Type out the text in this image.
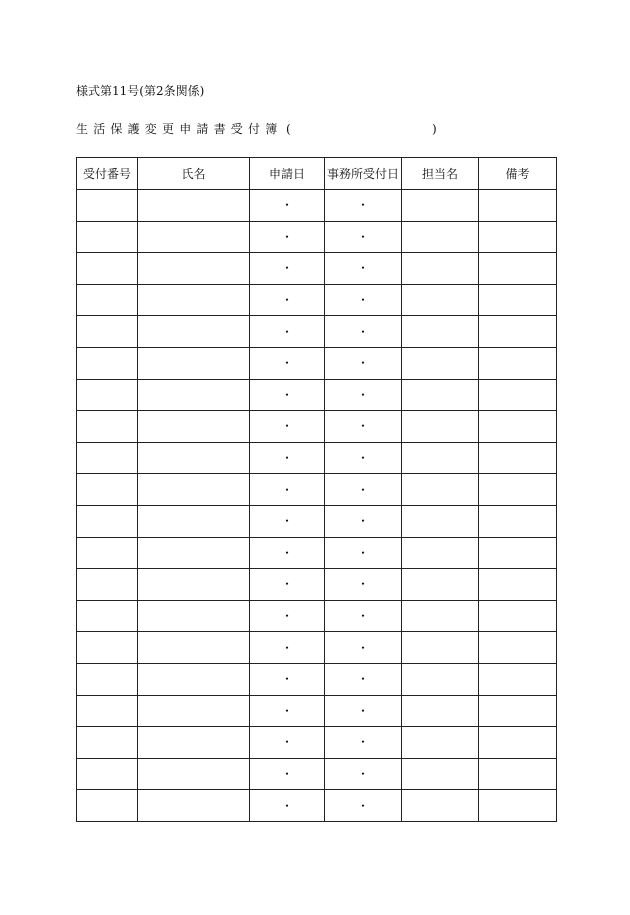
様式第11号(第2条関係)
生活保護変更申請書受付簿 (	)
受付番号	氏名	申請日	事務所受付日	担当名	備考
		・	・		
		・	・		
		・	・		
		・	・		
		・	・		
		・	・		
		・	・		
		・	・		
		・	・		
		・	・		
		・	・		
		・	・		
		・	・		
		・	・		
		・	・		
		・	・		
		・	・		
		・	・		
		・	・		
		・	・		
